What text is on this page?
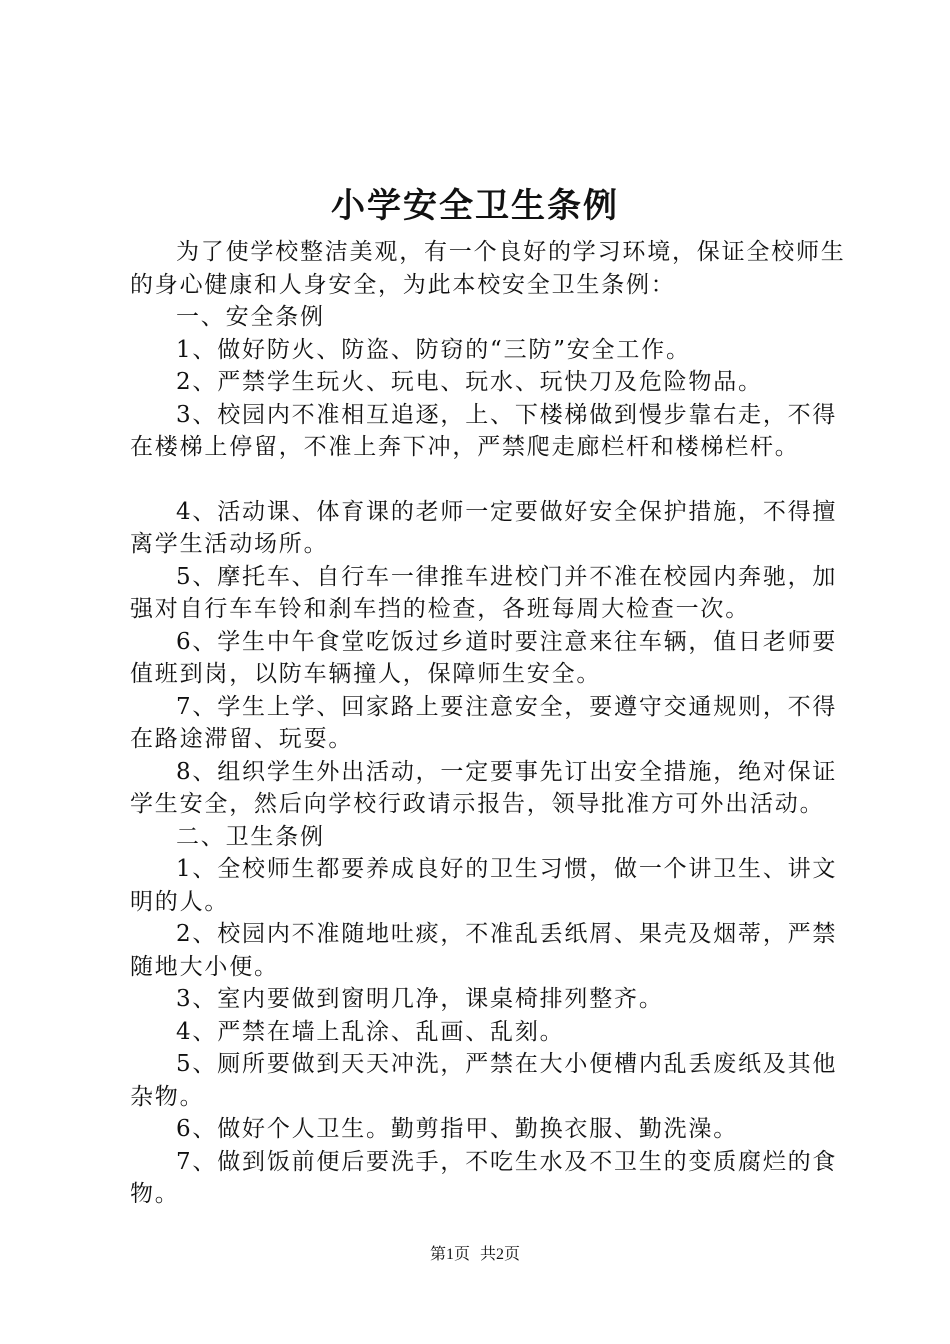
小学安全卫生条例

为了使学校整洁美观，有一个良好的学习环境，保证全校师生的身心健康和人身安全，为此本校安全卫生条例：

一、安全条例

1、做好防火、防盗、防窃的“三防”安全工作。

2、严禁学生玩火、玩电、玩水、玩快刀及危险物品。

3、校园内不准相互追逐，上、下楼梯做到慢步靠右走，不得在楼梯上停留，不准上奔下冲，严禁爬走廊栏杆和楼梯栏杆。

4、活动课、体育课的老师一定要做好安全保护措施，不得擅离学生活动场所。

5、摩托车、自行车一律推车进校门并不准在校园内奔驰，加强对自行车车铃和刹车挡的检查，各班每周大检查一次。

6、学生中午食堂吃饭过乡道时要注意来往车辆，值日老师要值班到岗，以防车辆撞人，保障师生安全。

7、学生上学、回家路上要注意安全，要遵守交通规则，不得在路途滞留、玩耍。

8、组织学生外出活动，一定要事先订出安全措施，绝对保证学生安全，然后向学校行政请示报告，领导批准方可外出活动。

二、卫生条例

1、全校师生都要养成良好的卫生习惯，做一个讲卫生、讲文明的人。

2、校园内不准随地吐痰，不准乱丢纸屑、果壳及烟蒂，严禁随地大小便。

3、室内要做到窗明几净，课桌椅排列整齐。

4、严禁在墙上乱涂、乱画、乱刻。

5、厕所要做到天天冲洗，严禁在大小便槽内乱丢废纸及其他杂物。

6、做好个人卫生。勤剪指甲、勤换衣服、勤洗澡。

7、做到饭前便后要洗手，不吃生水及不卫生的变质腐烂的食物。

第1页 共2页
